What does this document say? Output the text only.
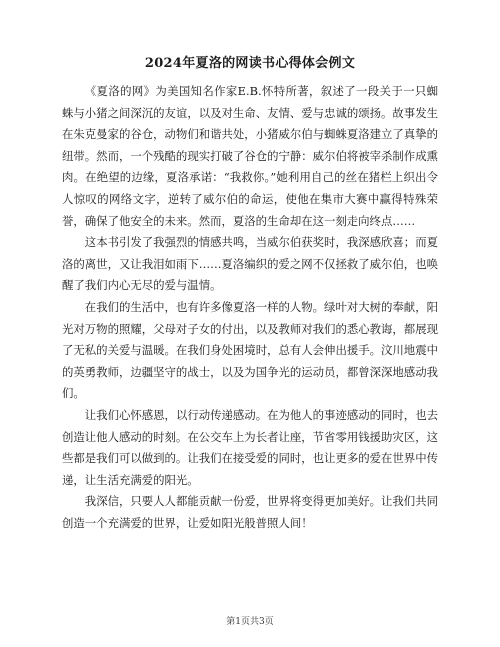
2024年夏洛的网读书心得体会例文

《夏洛的网》为美国知名作家E.B.怀特所著，叙述了一段关于一只蜘蛛与小猪之间深沉的友谊，以及对生命、友情、爱与忠诚的颂扬。故事发生在朱克曼家的谷仓，动物们和谐共处，小猪威尔伯与蜘蛛夏洛建立了真挚的纽带。然而，一个残酷的现实打破了谷仓的宁静：威尔伯将被宰杀制作成熏肉。在绝望的边缘，夏洛承诺：“我救你。”她利用自己的丝在猪栏上织出令人惊叹的网络文字，逆转了威尔伯的命运，使他在集市大赛中赢得特殊荣誉，确保了他安全的未来。然而，夏洛的生命却在这一刻走向终点……

这本书引发了我强烈的情感共鸣，当威尔伯获奖时，我深感欣喜；而夏洛的离世，又让我泪如雨下……夏洛编织的爱之网不仅拯救了威尔伯，也唤醒了我们内心无尽的爱与温情。

在我们的生活中，也有许多像夏洛一样的人物。绿叶对大树的奉献，阳光对万物的照耀，父母对子女的付出，以及教师对我们的悉心教诲，都展现了无私的关爱与温暖。在我们身处困境时，总有人会伸出援手。汶川地震中的英勇教师，边疆坚守的战士，以及为国争光的运动员，都曾深深地感动我们。

让我们心怀感恩，以行动传递感动。在为他人的事迹感动的同时，也去创造让他人感动的时刻。在公交车上为长者让座，节省零用钱援助灾区，这些都是我们可以做到的。让我们在接受爱的同时，也让更多的爱在世界中传递，让生活充满爱的阳光。

我深信，只要人人都能贡献一份爱，世界将变得更加美好。让我们共同创造一个充满爱的世界，让爱如阳光般普照人间！

第1页共3页
